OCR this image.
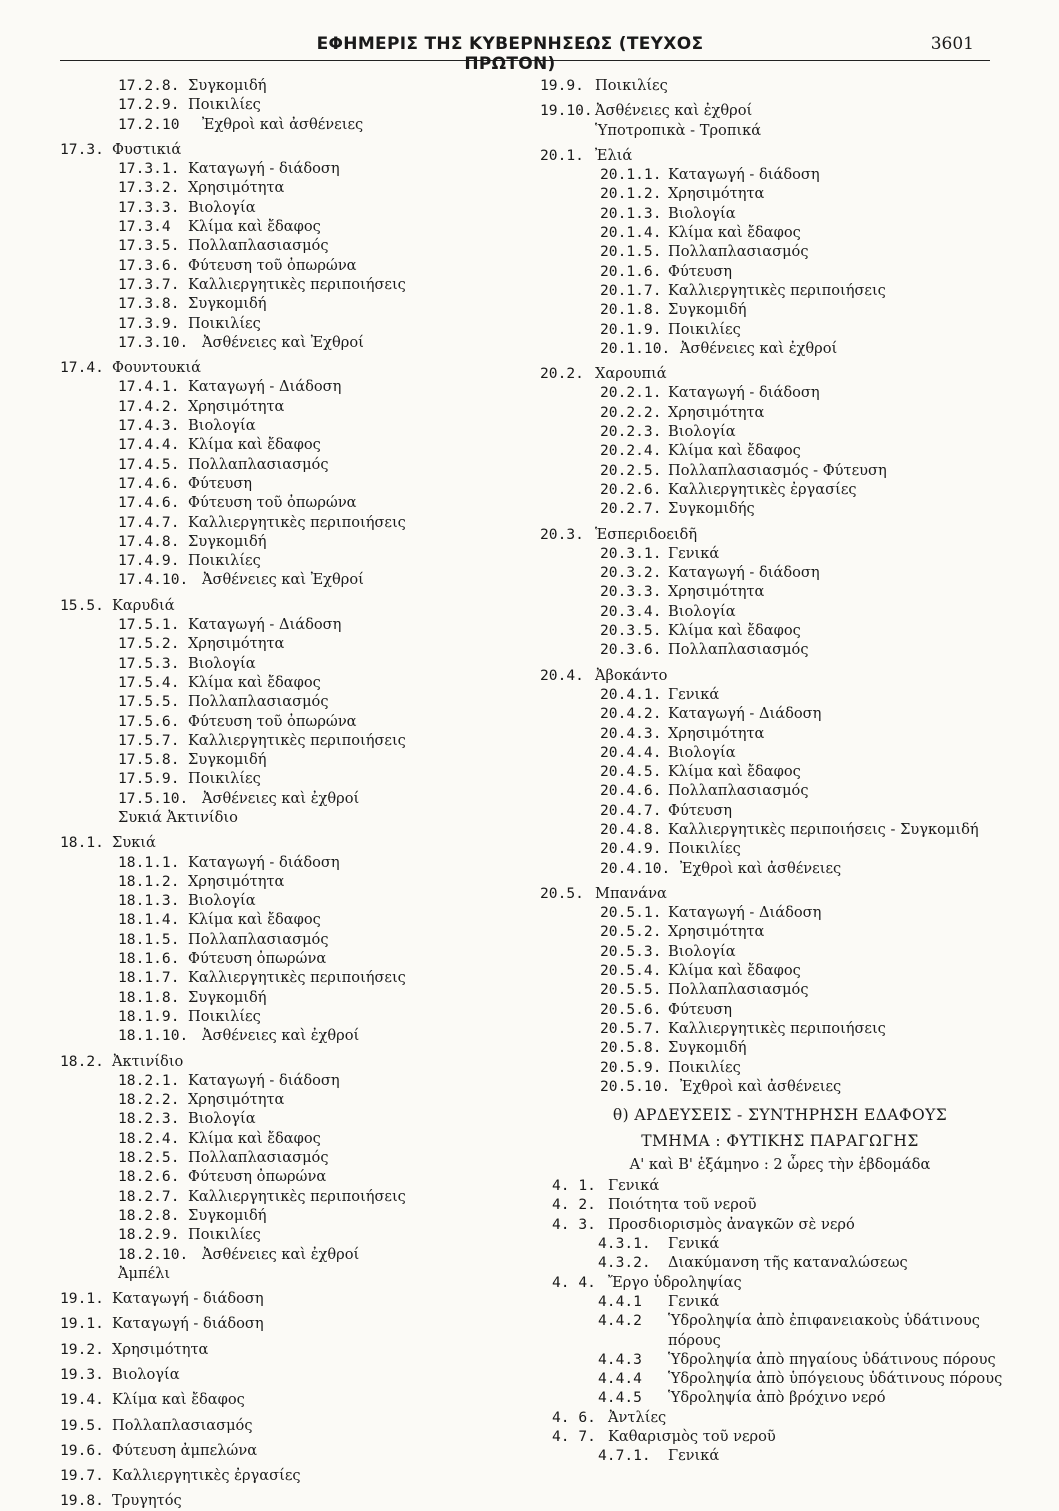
ΕΦΗΜΕΡΙΣ ΤΗΣ ΚΥΒΕΡΝΗΣΕΩΣ (ΤΕΥΧΟΣ ΠΡΩΤΟΝ)
3601
17.2.8. Συγκομιδή
17.2.9. Ποικιλίες
17.2.10 Ἐχθροὶ καὶ ἀσθένειες
17.3. Φυστικιά
17.3.1. Καταγωγή - διάδοση
17.3.2. Χρησιμότητα
17.3.3. Βιολογία
17.3.4 Κλίμα καὶ ἔδαφος
17.3.5. Πολλαπλασιασμός
17.3.6. Φύτευση τοῦ ὀπωρώνα
17.3.7. Καλλιεργητικὲς περιποιήσεις
17.3.8. Συγκομιδή
17.3.9. Ποικιλίες
17.3.10. Ἀσθένειες καὶ Ἐχθροί
17.4. Φουντουκιά
17.4.1. Καταγωγή - Διάδοση
17.4.2. Χρησιμότητα
17.4.3. Βιολογία
17.4.4. Κλίμα καὶ ἔδαφος
17.4.5. Πολλαπλασιασμός
17.4.6. Φύτευση
17.4.6. Φύτευση τοῦ ὀπωρώνα
17.4.7. Καλλιεργητικὲς περιποιήσεις
17.4.8. Συγκομιδή
17.4.9. Ποικιλίες
17.4.10. Ἀσθένειες καὶ Ἐχθροί
15.5. Καρυδιά
17.5.1. Καταγωγή - Διάδοση
17.5.2. Χρησιμότητα
17.5.3. Βιολογία
17.5.4. Κλίμα καὶ ἔδαφος
17.5.5. Πολλαπλασιασμός
17.5.6. Φύτευση τοῦ ὀπωρώνα
17.5.7. Καλλιεργητικὲς περιποιήσεις
17.5.8. Συγκομιδή
17.5.9. Ποικιλίες
17.5.10. Ἀσθένειες καὶ ἐχθροί
Συκιά Ἀκτινίδιο
18.1. Συκιά
18.1.1. Καταγωγή - διάδοση
18.1.2. Χρησιμότητα
18.1.3. Βιολογία
18.1.4. Κλίμα καὶ ἔδαφος
18.1.5. Πολλαπλασιασμός
18.1.6. Φύτευση ὀπωρώνα
18.1.7. Καλλιεργητικὲς περιποιήσεις
18.1.8. Συγκομιδή
18.1.9. Ποικιλίες
18.1.10. Ἀσθένειες καὶ ἐχθροί
18.2. Ἀκτινίδιο
18.2.1. Καταγωγή - διάδοση
18.2.2. Χρησιμότητα
18.2.3. Βιολογία
18.2.4. Κλίμα καὶ ἔδαφος
18.2.5. Πολλαπλασιασμός
18.2.6. Φύτευση ὀπωρώνα
18.2.7. Καλλιεργητικὲς περιποιήσεις
18.2.8. Συγκομιδή
18.2.9. Ποικιλίες
18.2.10. Ἀσθένειες καὶ ἐχθροί
Ἀμπέλι
19.1. Καταγωγή - διάδοση
19.1. Καταγωγή - διάδοση
19.2. Χρησιμότητα
19.3. Βιολογία
19.4. Κλίμα καὶ ἔδαφος
19.5. Πολλαπλασιασμός
19.6. Φύτευση ἀμπελώνα
19.7. Καλλιεργητικὲς ἐργασίες
19.8. Τρυγητός
19.9. Ποικιλίες
19.10. Ἀσθένειες καὶ ἐχθροί
Ὑποτροπικὰ - Τροπικά
20.1. Ἐλιά
20.1.1. Καταγωγή - διάδοση
20.1.2. Χρησιμότητα
20.1.3. Βιολογία
20.1.4. Κλίμα καὶ ἔδαφος
20.1.5. Πολλαπλασιασμός
20.1.6. Φύτευση
20.1.7. Καλλιεργητικὲς περιποιήσεις
20.1.8. Συγκομιδή
20.1.9. Ποικιλίες
20.1.10. Ἀσθένειες καὶ ἐχθροί
20.2. Χαρουπιά
20.2.1. Καταγωγή - διάδοση
20.2.2. Χρησιμότητα
20.2.3. Βιολογία
20.2.4. Κλίμα καὶ ἔδαφος
20.2.5. Πολλαπλασιασμός - Φύτευση
20.2.6. Καλλιεργητικὲς ἐργασίες
20.2.7. Συγκομιδής
20.3. Ἑσπεριδοειδῆ
20.3.1. Γενικά
20.3.2. Καταγωγή - διάδοση
20.3.3. Χρησιμότητα
20.3.4. Βιολογία
20.3.5. Κλίμα καὶ ἔδαφος
20.3.6. Πολλαπλασιασμός
20.4. Ἀβοκάντο
20.4.1. Γενικά
20.4.2. Καταγωγή - Διάδοση
20.4.3. Χρησιμότητα
20.4.4. Βιολογία
20.4.5. Κλίμα καὶ ἔδαφος
20.4.6. Πολλαπλασιασμός
20.4.7. Φύτευση
20.4.8. Καλλιεργητικὲς περιποιήσεις - Συγκομιδή
20.4.9. Ποικιλίες
20.4.10. Ἐχθροὶ καὶ ἀσθένειες
20.5. Μπανάνα
20.5.1. Καταγωγή - Διάδοση
20.5.2. Χρησιμότητα
20.5.3. Βιολογία
20.5.4. Κλίμα καὶ ἔδαφος
20.5.5. Πολλαπλασιασμός
20.5.6. Φύτευση
20.5.7. Καλλιεργητικὲς περιποιήσεις
20.5.8. Συγκομιδή
20.5.9. Ποικιλίες
20.5.10. Ἐχθροὶ καὶ ἀσθένειες
θ) ΑΡΔΕΥΣΕΙΣ - ΣΥΝΤΗΡΗΣΗ ΕΔΑΦΟΥΣ
ΤΜΗΜΑ : ΦΥΤΙΚΗΣ ΠΑΡΑΓΩΓΗΣ
Α' καὶ Β' ἑξάμηνο : 2 ὧρες τὴν ἑβδομάδα
4. 1. Γενικά
4. 2. Ποιότητα τοῦ νεροῦ
4. 3. Προσδιορισμὸς ἀναγκῶν σὲ νερό
4.3.1. Γενικά
4.3.2. Διακύμανση τῆς καταναλώσεως
4. 4. Ἔργο ὑδροληψίας
4.4.1 Γενικά
4.4.2 Ὑδροληψία ἀπὸ ἐπιφανειακοὺς ὑδάτινους πόρους
4.4.3 Ὑδροληψία ἀπὸ πηγαίους ὑδάτινους πόρους
4.4.4 Ὑδροληψία ἀπὸ ὑπόγειους ὑδάτινους πόρους
4.4.5 Ὑδροληψία ἀπὸ βρόχινο νερό
4. 6. Ἀντλίες
4. 7. Καθαρισμὸς τοῦ νεροῦ
4.7.1. Γενικά
